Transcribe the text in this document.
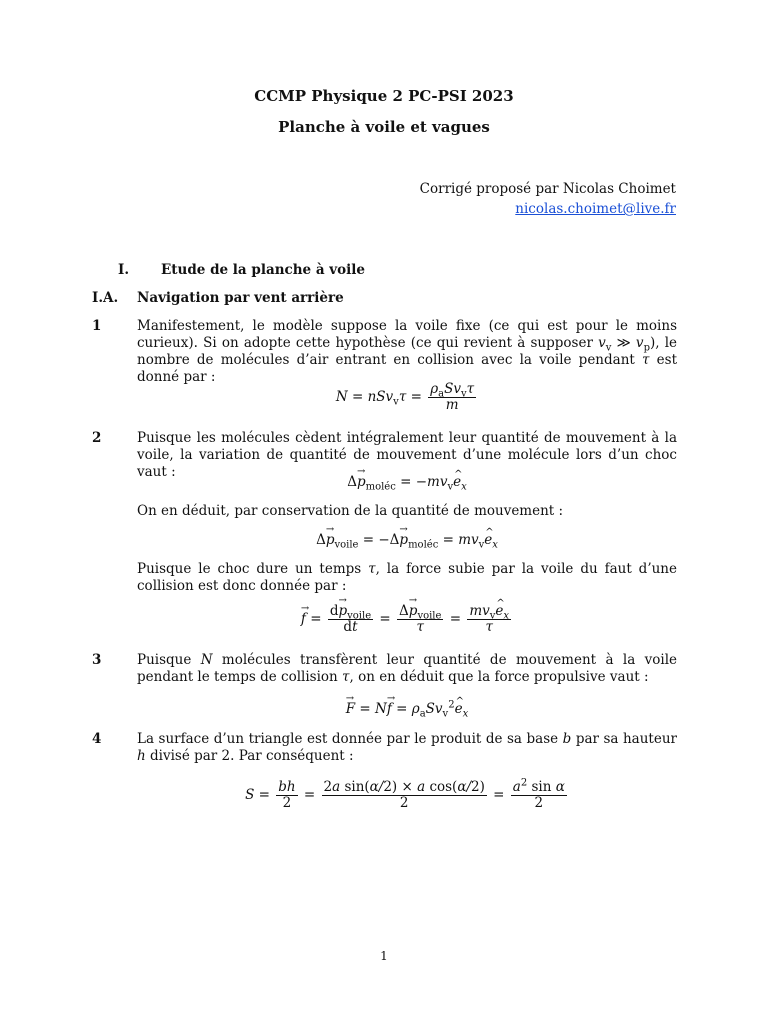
CCMP Physique 2 PC-PSI 2023
Planche à voile et vagues
Corrigé proposé par Nicolas Choimet
nicolas.choimet@live.fr
I. Etude de la planche à voile
I.A. Navigation par vent arrière
1	Manifestement, le modèle suppose la voile fixe (ce qui est pour le moins curieux). Si on adopte cette hypothèse (ce qui revient à supposer $v_v$ ≫ $v_p$), le nombre de molécules d’air entrant en collision avec la voile pendant τ est donné par :
$N = nSv_v\tau = \frac{\rho_aSv_v\tau}{m}$
2	Puisque les molécules cèdent intégralement leur quantité de mouvement à la voile, la variation de quantité de mouvement d’une molécule lors d’un choc vaut :
$\Delta\to p_{moléc}$ = $-mv_v\^{}$ $e_x$
On en déduit, par conservation de la quantité de mouvement :
$\Delta\to p_{voile} = -\Delta\to p_{moléc}$ = $mv_v\^{}$ $e_x$
Puisque le choc dure un temps τ, la force subie par la voile du faut d’une collision est donc donnée par :
→ $f = \frac{d\to p_{voile}}{dt} = \frac{\Delta\to p_{voile}}{\tau} = \frac{mv_v\^{} e_x}{\tau}$
3	Puisque N molécules transfèrent leur quantité de mouvement à la voile pendant le temps de collision τ, on en déduit que la force propulsive vaut :
→ $F = N\to f = \rho_aSv_v^2\^{}$ $e_x$
4	La surface d’un triangle est donnée par le produit de sa base b par sa hauteur h divisé par 2. Par conséquent :
$S = \frac{bh}{2} = \frac{\text{2a sin(α/2) × a cos(α/2)}}{2} = \frac{a^2 \sin \alpha}{2}$
1
